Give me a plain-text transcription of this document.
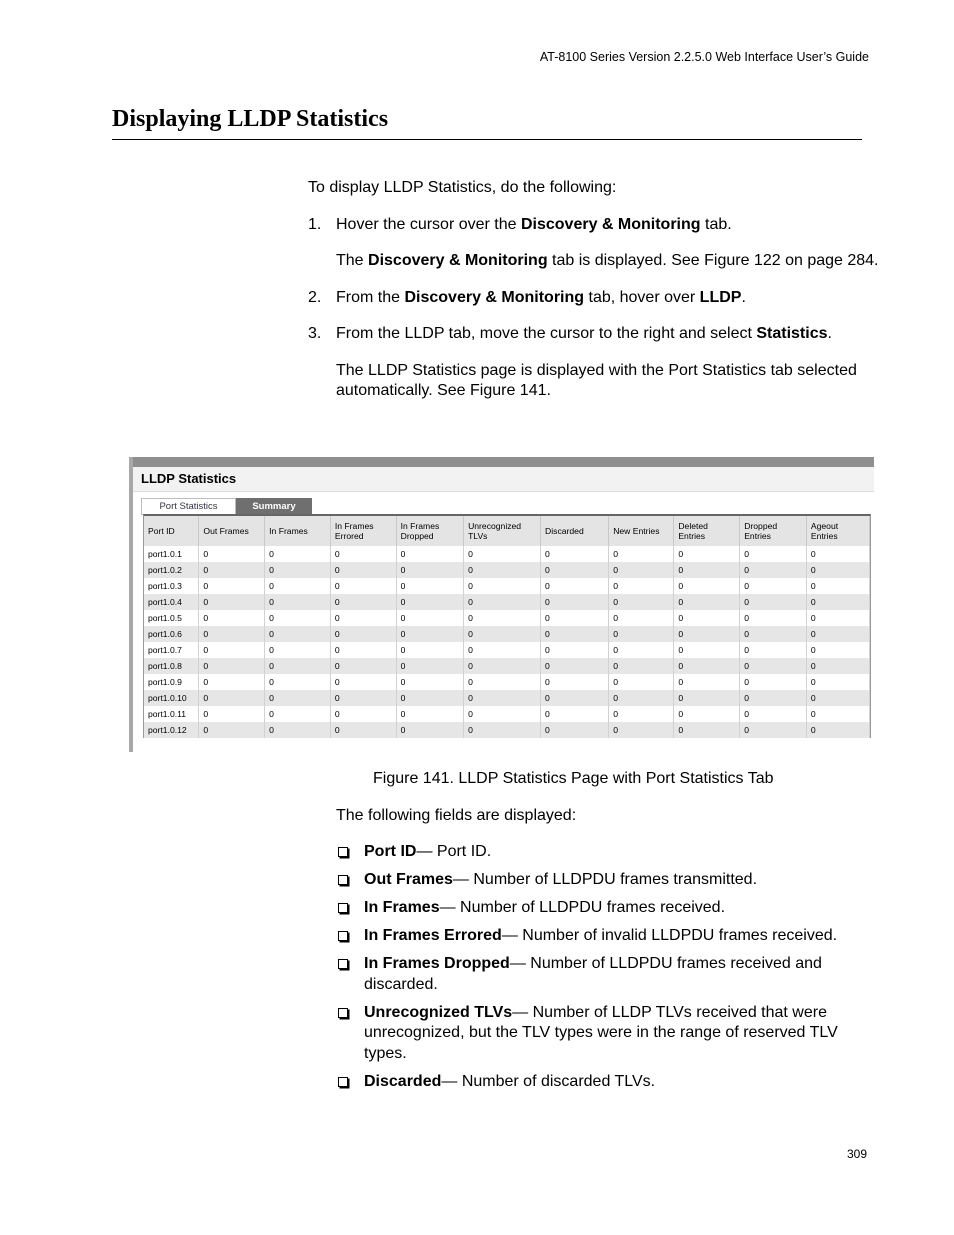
AT-8100 Series Version 2.2.5.0 Web Interface User’s Guide
Displaying LLDP Statistics

To display LLDP Statistics, do the following:

1. Hover the cursor over the Discovery & Monitoring tab.
The Discovery & Monitoring tab is displayed. See Figure 122 on page 284.
2. From the Discovery & Monitoring tab, hover over LLDP.
3. From the LLDP tab, move the cursor to the right and select Statistics.
The LLDP Statistics page is displayed with the Port Statistics tab selected automatically. See Figure 141.
LLDP Statistics
Port Statistics	Summary
Port ID	Out Frames	In Frames	In Frames Errored	In Frames Dropped	Unrecognized TLVs	Discarded	New Entries	Deleted Entries	Dropped Entries	Ageout Entries
port1.0.1	0	0	0	0	0	0	0	0	0	0
port1.0.2	0	0	0	0	0	0	0	0	0	0
port1.0.3	0	0	0	0	0	0	0	0	0	0
port1.0.4	0	0	0	0	0	0	0	0	0	0
port1.0.5	0	0	0	0	0	0	0	0	0	0
port1.0.6	0	0	0	0	0	0	0	0	0	0
port1.0.7	0	0	0	0	0	0	0	0	0	0
port1.0.8	0	0	0	0	0	0	0	0	0	0
port1.0.9	0	0	0	0	0	0	0	0	0	0
port1.0.10	0	0	0	0	0	0	0	0	0	0
port1.0.11	0	0	0	0	0	0	0	0	0	0
port1.0.12	0	0	0	0	0	0	0	0	0	0
Figure 141. LLDP Statistics Page with Port Statistics Tab
The following fields are displayed:
Port ID— Port ID.
Out Frames— Number of LLDPDU frames transmitted.
In Frames— Number of LLDPDU frames received.
In Frames Errored— Number of invalid LLDPDU frames received.
In Frames Dropped— Number of LLDPDU frames received and discarded.
Unrecognized TLVs— Number of LLDP TLVs received that were unrecognized, but the TLV types were in the range of reserved TLV types.
Discarded— Number of discarded TLVs.
309
